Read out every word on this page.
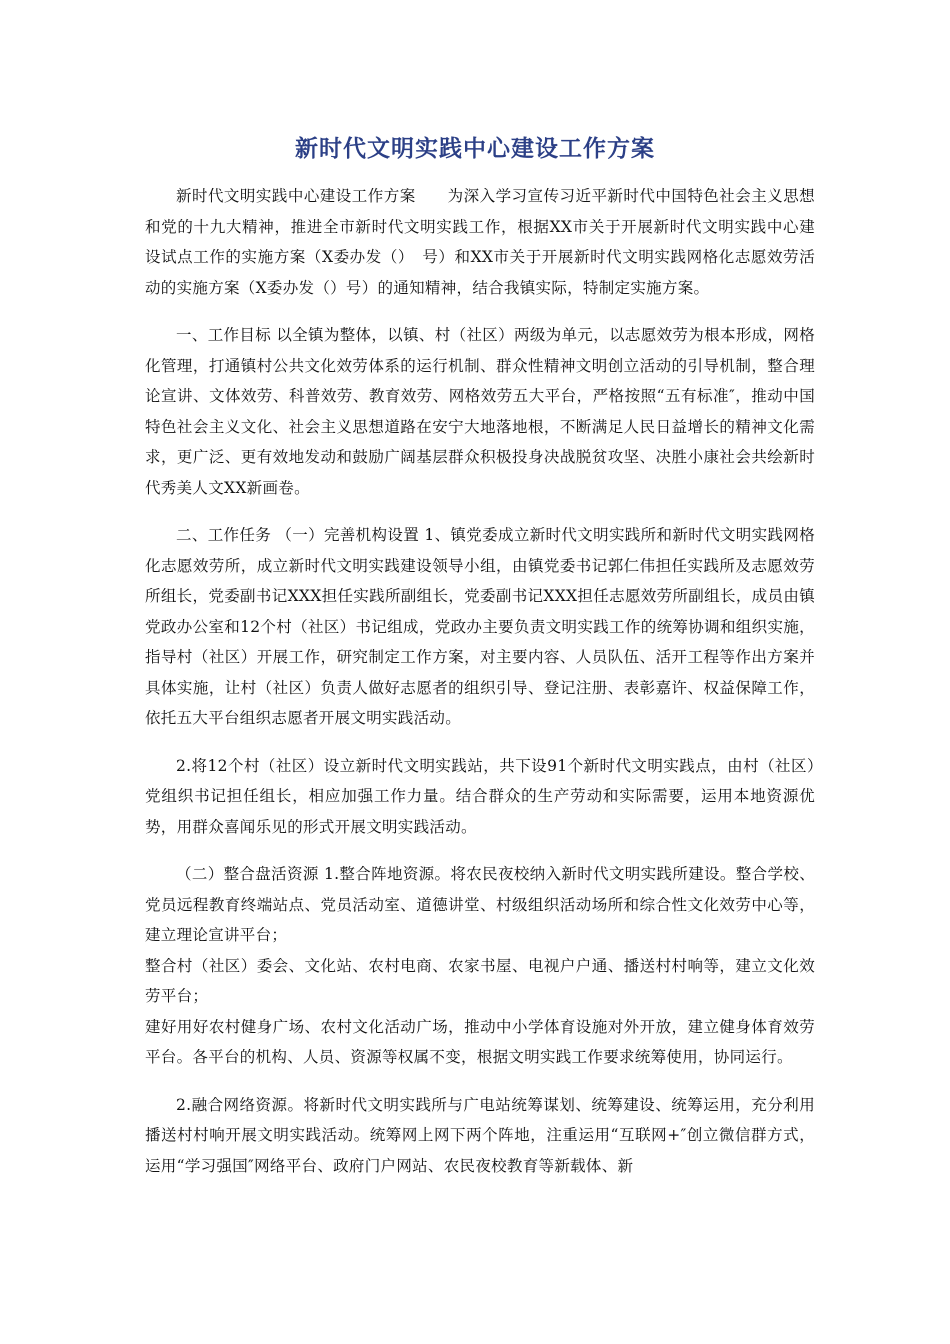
新时代文明实践中心建设工作方案

新时代文明实践中心建设工作方案　　为深入学习宣传习近平新时代中国特色社会主义思想和党的十九大精神，推进全市新时代文明实践工作，根据XX市关于开展新时代文明实践中心建设试点工作的实施方案（X委办发（）　号）和XX市关于开展新时代文明实践网格化志愿效劳活动的实施方案（X委办发（）号）的通知精神，结合我镇实际，特制定实施方案。

一、工作目标 以全镇为整体，以镇、村（社区）两级为单元，以志愿效劳为根本形成，网格化管理，打通镇村公共文化效劳体系的运行机制、群众性精神文明创立活动的引导机制，整合理论宣讲、文体效劳、科普效劳、教育效劳、网格效劳五大平台，严格按照“五有标准″，推动中国特色社会主义文化、社会主义思想道路在安宁大地落地根，不断满足人民日益增长的精神文化需求，更广泛、更有效地发动和鼓励广阔基层群众积极投身决战脱贫攻坚、决胜小康社会共绘新时代秀美人文XX新画卷。

二、工作任务 （一）完善机构设置 1、镇党委成立新时代文明实践所和新时代文明实践网格化志愿效劳所，成立新时代文明实践建设领导小组，由镇党委书记郭仁伟担任实践所及志愿效劳所组长，党委副书记XXX担任实践所副组长，党委副书记XXX担任志愿效劳所副组长，成员由镇党政办公室和12个村（社区）书记组成，党政办主要负责文明实践工作的统筹协调和组织实施，指导村（社区）开展工作，研究制定工作方案，对主要内容、人员队伍、活开工程等作出方案并具体实施，让村（社区）负责人做好志愿者的组织引导、登记注册、表彰嘉许、权益保障工作，依托五大平台组织志愿者开展文明实践活动。

2.将12个村（社区）设立新时代文明实践站，共下设91个新时代文明实践点，由村（社区）党组织书记担任组长，相应加强工作力量。结合群众的生产劳动和实际需要，运用本地资源优势，用群众喜闻乐见的形式开展文明实践活动。

（二）整合盘活资源 1.整合阵地资源。将农民夜校纳入新时代文明实践所建设。整合学校、党员远程教育终端站点、党员活动室、道德讲堂、村级组织活动场所和综合性文化效劳中心等，建立理论宣讲平台；

整合村（社区）委会、文化站、农村电商、农家书屋、电视户户通、播送村村响等，建立文化效劳平台；

建好用好农村健身广场、农村文化活动广场，推动中小学体育设施对外开放，建立健身体育效劳平台。各平台的机构、人员、资源等权属不变，根据文明实践工作要求统筹使用，协同运行。

2.融合网络资源。将新时代文明实践所与广电站统筹谋划、统筹建设、统筹运用，充分利用播送村村响开展文明实践活动。统筹网上网下两个阵地，注重运用“互联网+″创立微信群方式，运用“学习强国″网络平台、政府门户网站、农民夜校教育等新载体、新
